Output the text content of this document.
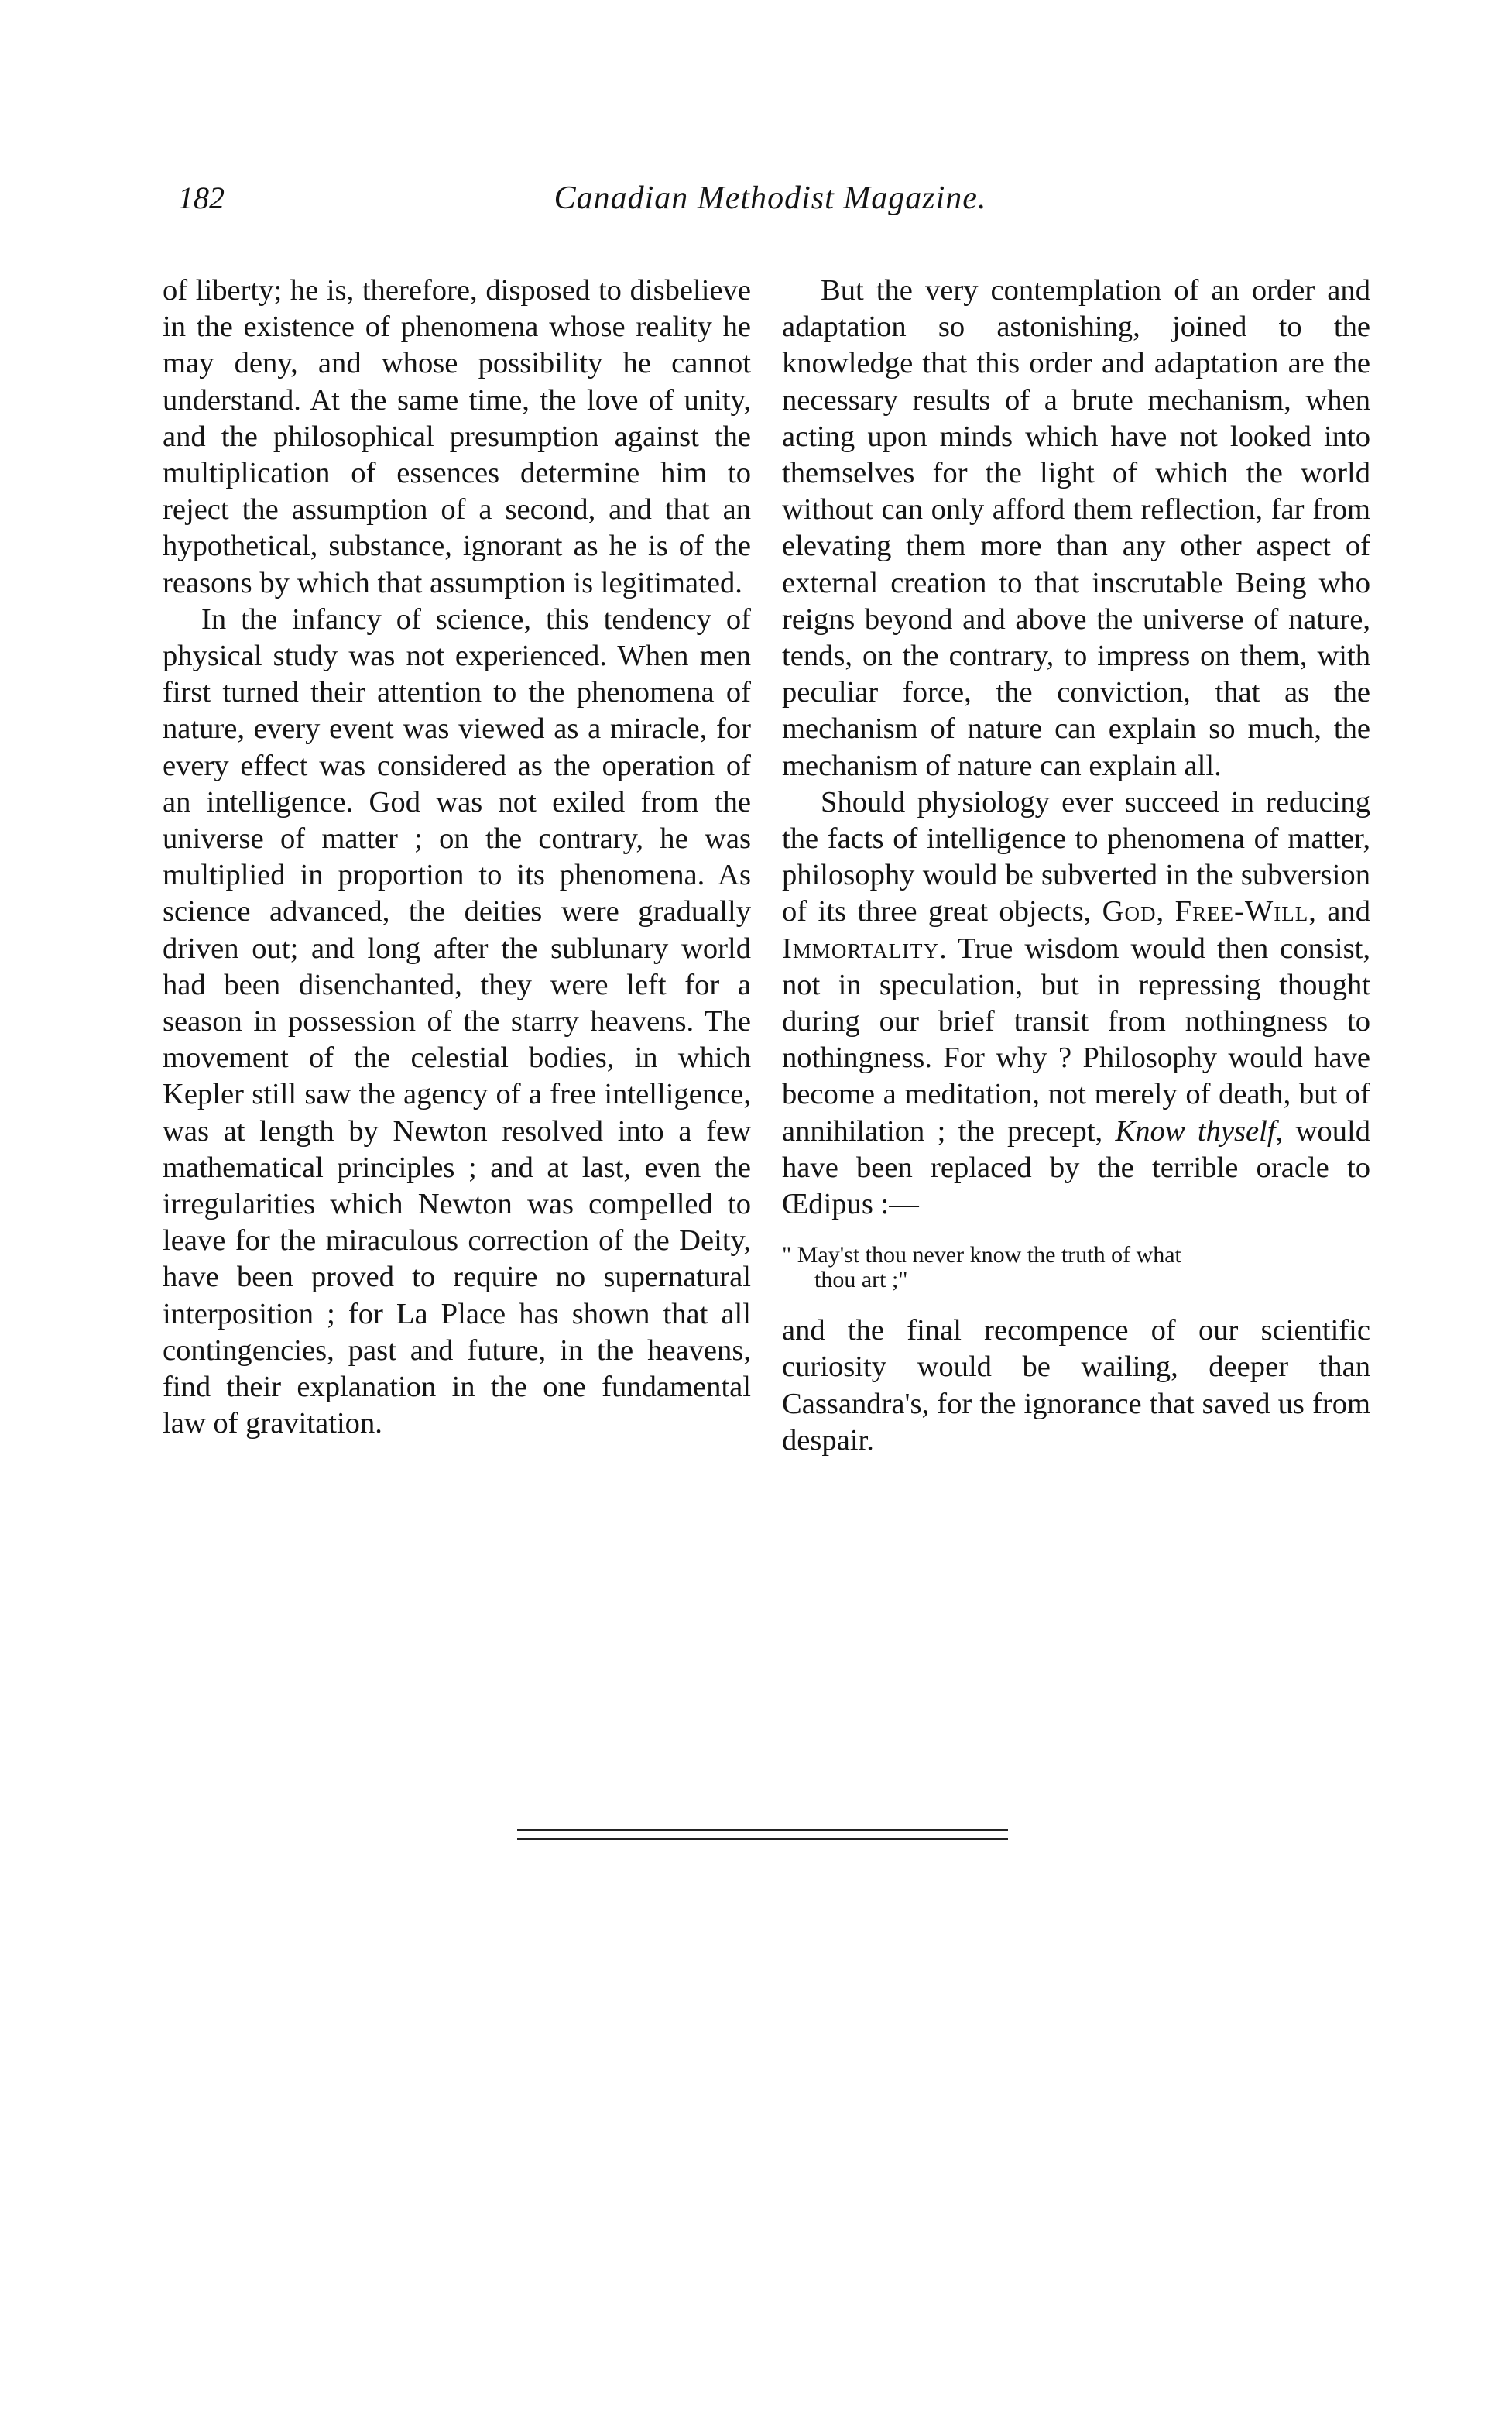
182	Canadian Methodist Magazine.

of liberty; he is, therefore, disposed to disbelieve in the existence of phenomena whose reality he may deny, and whose possibility he cannot understand. At the same time, the love of unity, and the philosophical presumption against the multiplication of essences determine him to reject the assumption of a second, and that an hypothetical, substance, ignorant as he is of the reasons by which that assumption is legitimated.

In the infancy of science, this tendency of physical study was not experienced. When men first turned their attention to the phenomena of nature, every event was viewed as a miracle, for every effect was considered as the operation of an intelligence. God was not exiled from the universe of matter ; on the contrary, he was multiplied in proportion to its phenomena. As science advanced, the deities were gradually driven out; and long after the sublunary world had been disenchanted, they were left for a season in possession of the starry heavens. The movement of the celestial bodies, in which Kepler still saw the agency of a free intelligence, was at length by Newton resolved into a few mathematical principles ; and at last, even the irregularities which Newton was compelled to leave for the miraculous correction of the Deity, have been proved to require no supernatural interposition ; for La Place has shown that all contingencies, past and future, in the heavens, find their explanation in the one fundamental law of gravitation.

But the very contemplation of an order and adaptation so astonishing, joined to the knowledge that this order and adaptation are the necessary results of a brute mechanism, when acting upon minds which have not looked into themselves for the light of which the world without can only afford them reflection, far from elevating them more than any other aspect of external creation to that inscrutable Being who reigns beyond and above the universe of nature, tends, on the contrary, to impress on them, with peculiar force, the conviction, that as the mechanism of nature can explain so much, the mechanism of nature can explain all.

Should physiology ever succeed in reducing the facts of intelligence to phenomena of matter, philosophy would be subverted in the subversion of its three great objects, God, Free-Will, and Immortality. True wisdom would then consist, not in speculation, but in repressing thought during our brief transit from nothingness to nothingness. For why ? Philosophy would have become a meditation, not merely of death, but of annihilation ; the precept, Know thyself, would have been replaced by the terrible oracle to Œdipus :—

" May'st thou never know the truth of what
thou art ;"

and the final recompence of our scientific curiosity would be wailing, deeper than Cassandra's, for the ignorance that saved us from despair.
